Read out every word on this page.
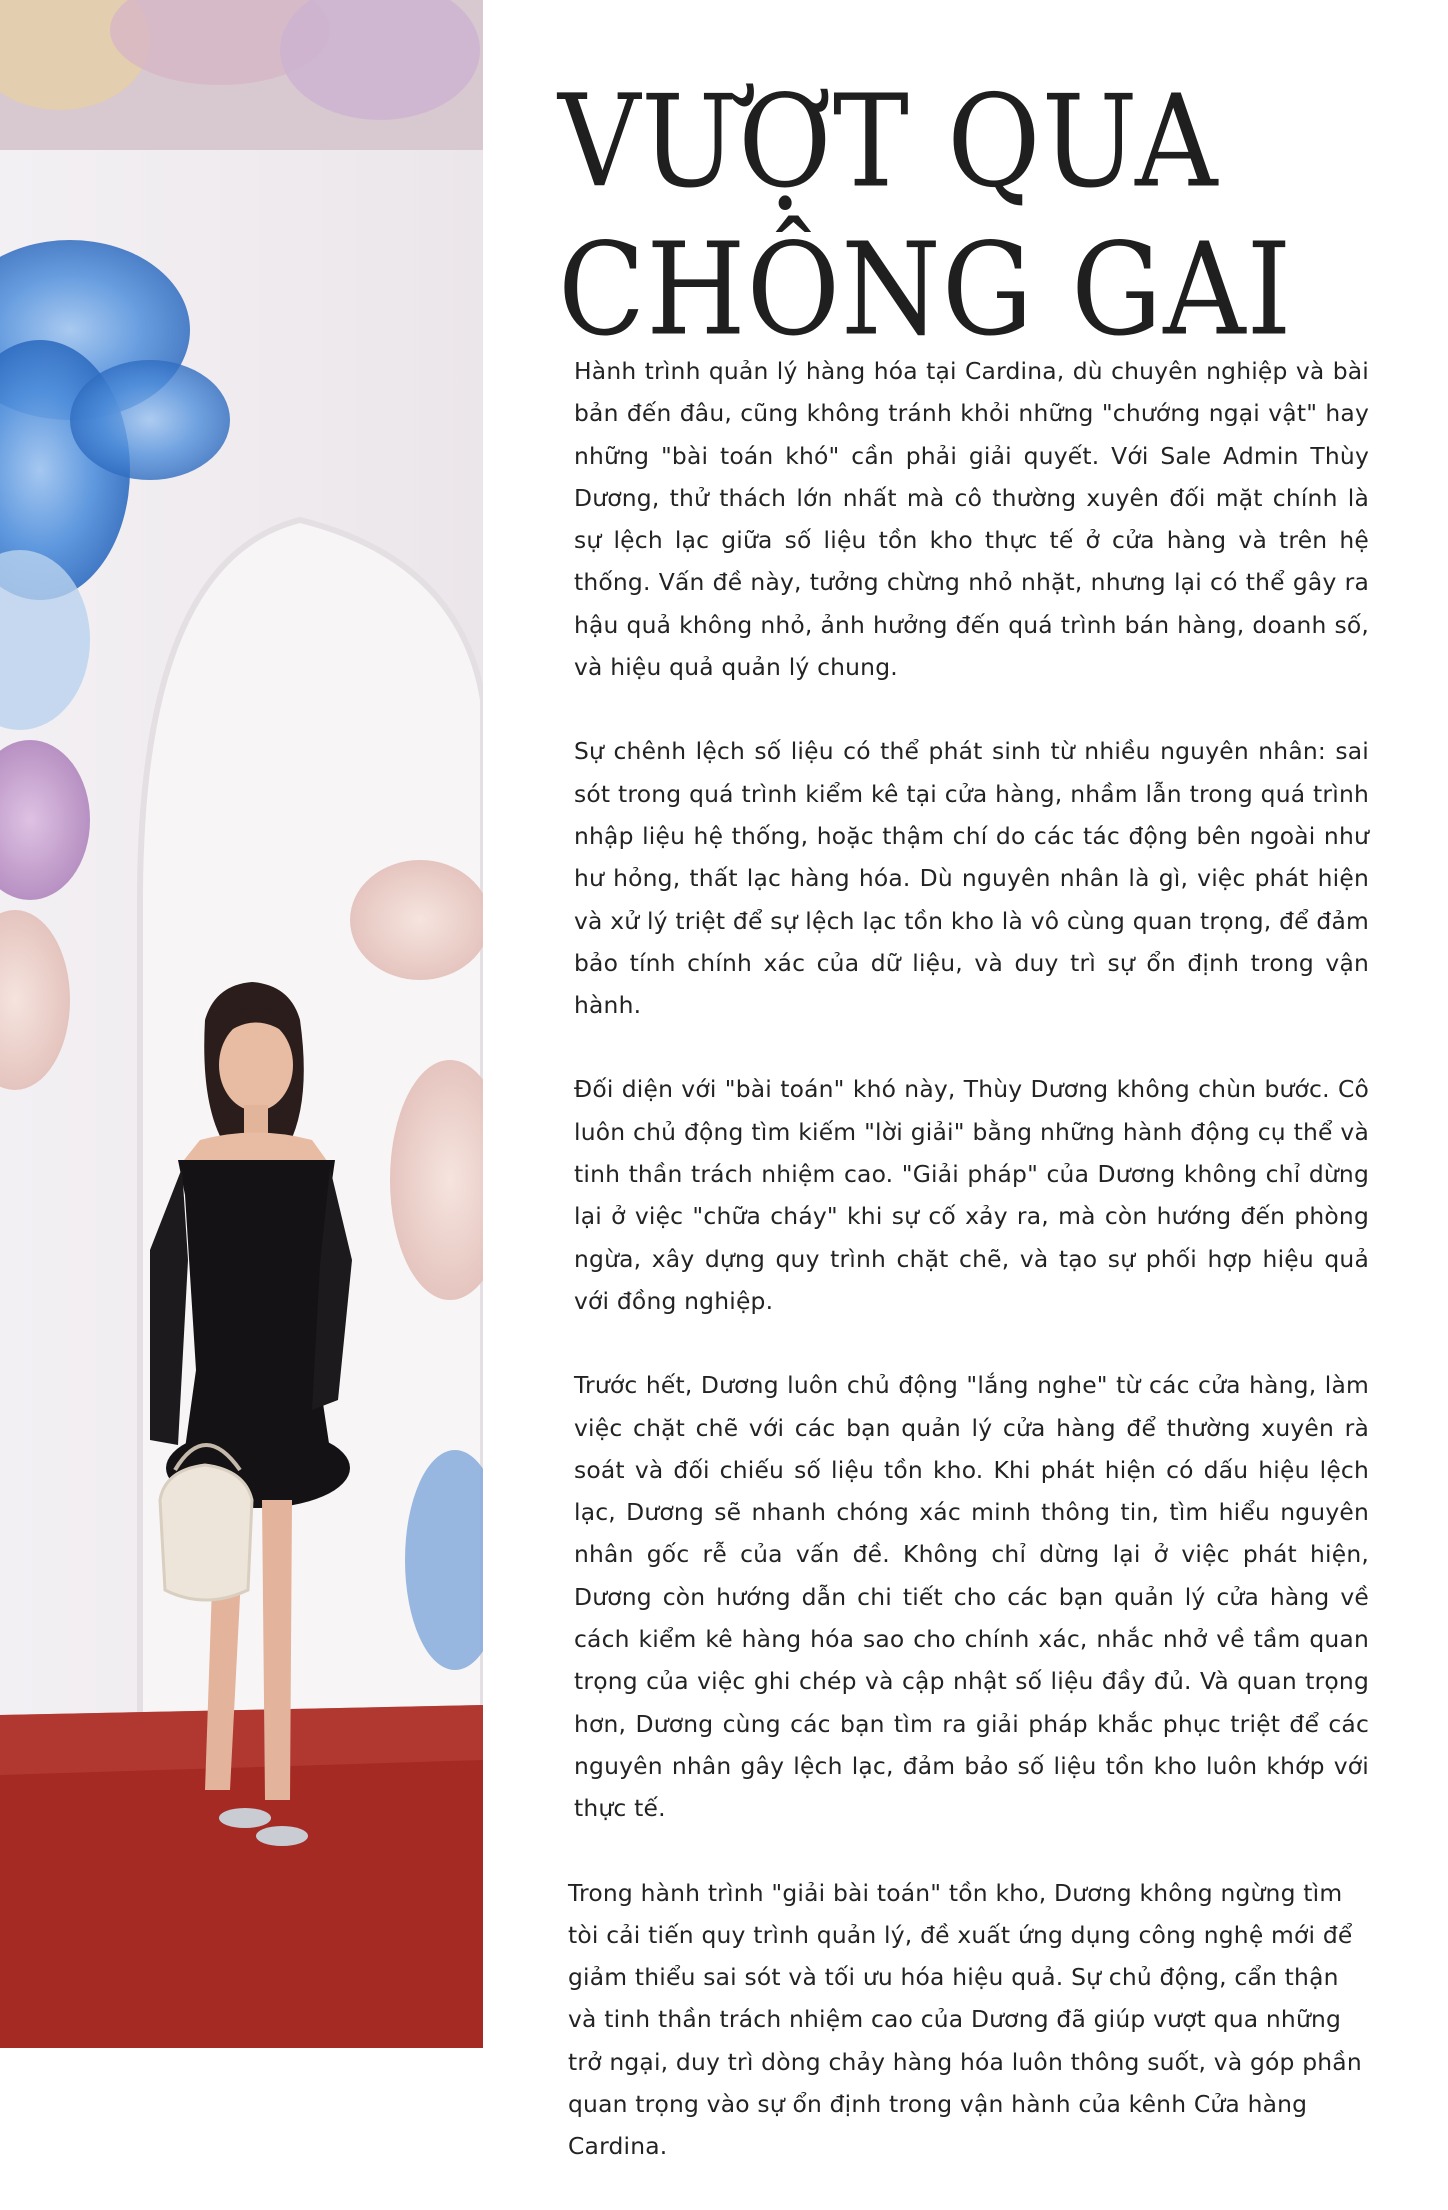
VƯỢT QUA
CHÔNG GAI

Hành trình quản lý hàng hóa tại Cardina, dù chuyên nghiệp và bài bản đến đâu, cũng không tránh khỏi những "chướng ngại vật" hay những "bài toán khó" cần phải giải quyết. Với Sale Admin Thùy Dương, thử thách lớn nhất mà cô thường xuyên đối mặt chính là sự lệch lạc giữa số liệu tồn kho thực tế ở cửa hàng và trên hệ thống. Vấn đề này, tưởng chừng nhỏ nhặt, nhưng lại có thể gây ra hậu quả không nhỏ, ảnh hưởng đến quá trình bán hàng, doanh số, và hiệu quả quản lý chung.

Sự chênh lệch số liệu có thể phát sinh từ nhiều nguyên nhân: sai sót trong quá trình kiểm kê tại cửa hàng, nhầm lẫn trong quá trình nhập liệu hệ thống, hoặc thậm chí do các tác động bên ngoài như hư hỏng, thất lạc hàng hóa. Dù nguyên nhân là gì, việc phát hiện và xử lý triệt để sự lệch lạc tồn kho là vô cùng quan trọng, để đảm bảo tính chính xác của dữ liệu, và duy trì sự ổn định trong vận hành.

Đối diện với "bài toán" khó này, Thùy Dương không chùn bước. Cô luôn chủ động tìm kiếm "lời giải" bằng những hành động cụ thể và tinh thần trách nhiệm cao. "Giải pháp" của Dương không chỉ dừng lại ở việc "chữa cháy" khi sự cố xảy ra, mà còn hướng đến phòng ngừa, xây dựng quy trình chặt chẽ, và tạo sự phối hợp hiệu quả với đồng nghiệp.

Trước hết, Dương luôn chủ động "lắng nghe" từ các cửa hàng, làm việc chặt chẽ với các bạn quản lý cửa hàng để thường xuyên rà soát và đối chiếu số liệu tồn kho. Khi phát hiện có dấu hiệu lệch lạc, Dương sẽ nhanh chóng xác minh thông tin, tìm hiểu nguyên nhân gốc rễ của vấn đề. Không chỉ dừng lại ở việc phát hiện, Dương còn hướng dẫn chi tiết cho các bạn quản lý cửa hàng về cách kiểm kê hàng hóa sao cho chính xác, nhắc nhở về tầm quan trọng của việc ghi chép và cập nhật số liệu đầy đủ. Và quan trọng hơn, Dương cùng các bạn tìm ra giải pháp khắc phục triệt để các nguyên nhân gây lệch lạc, đảm bảo số liệu tồn kho luôn khớp với thực tế.

Trong hành trình "giải bài toán" tồn kho, Dương không ngừng tìm tòi cải tiến quy trình quản lý, đề xuất ứng dụng công nghệ mới để giảm thiểu sai sót và tối ưu hóa hiệu quả. Sự chủ động, cẩn thận và tinh thần trách nhiệm cao của Dương đã giúp vượt qua những trở ngại, duy trì dòng chảy hàng hóa luôn thông suốt, và góp phần quan trọng vào sự ổn định trong vận hành của kênh Cửa hàng Cardina.
